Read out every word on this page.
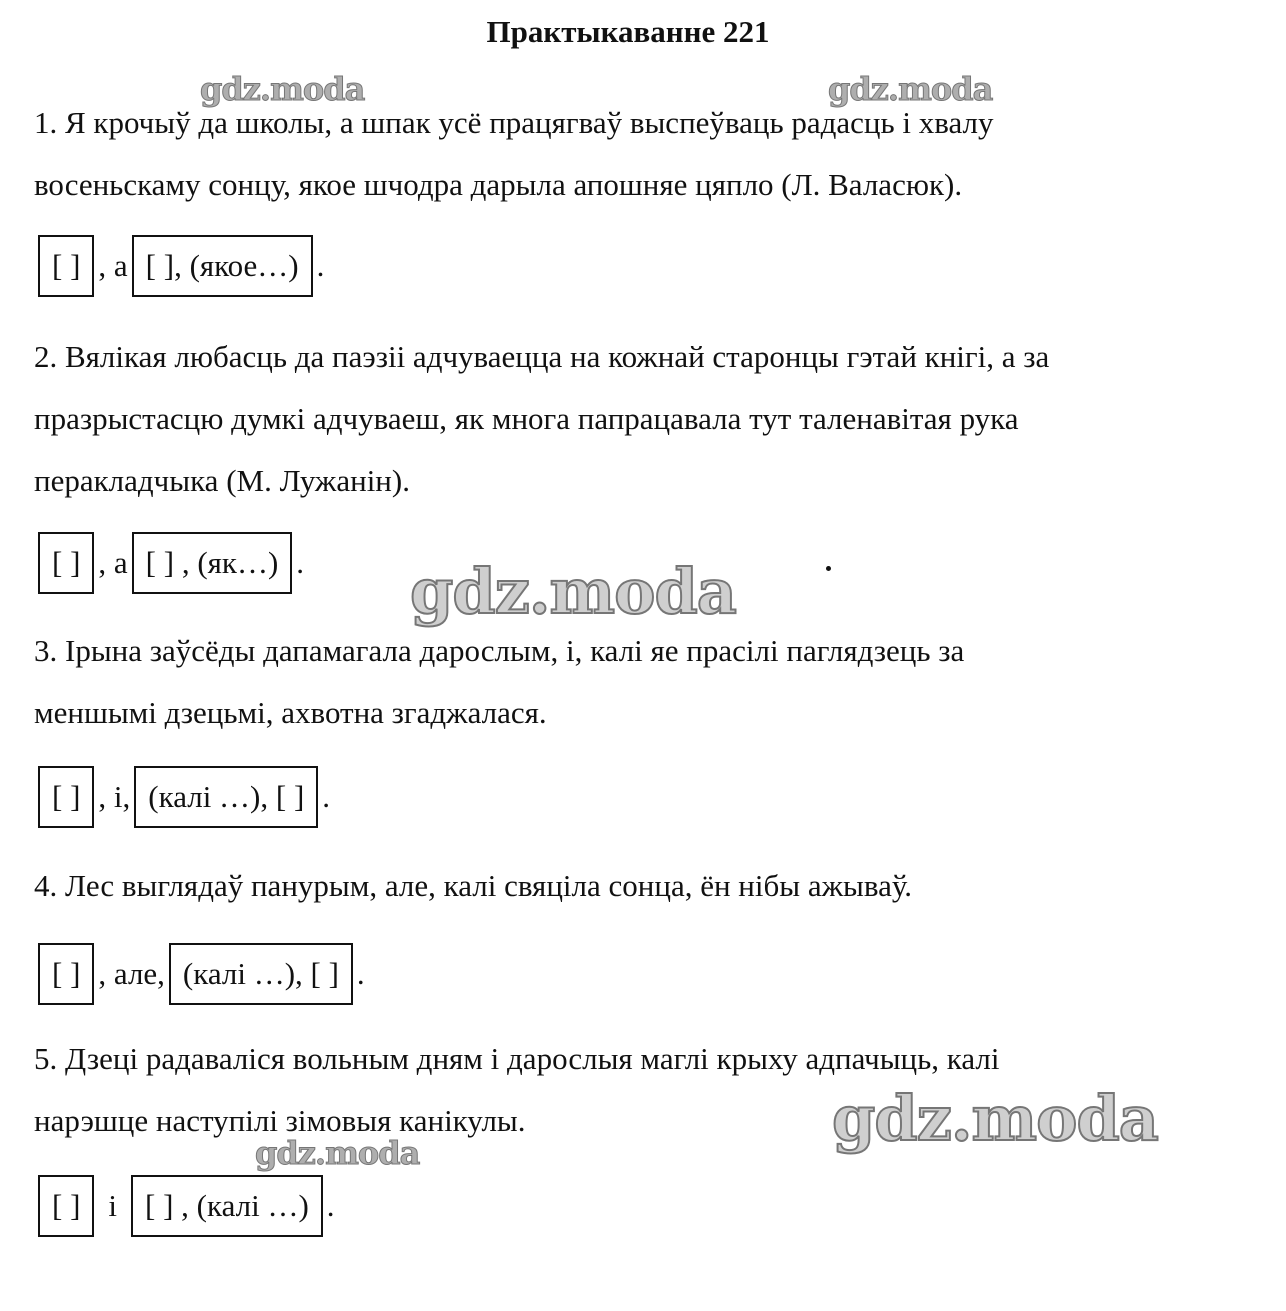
Практыкаванне 221
1. Я крочыў да школы, а шпак усё працягваў выспеўваць радасць і хвалу
восеньскаму сонцу, якое шчодра дарыла апошняе цяпло (Л. Валасюк).
[ ] , а [ ], (якое…) .
2. Вялікая любасць да паэзіі адчуваецца на кожнай старонцы гэтай кнігі, а за
празрыстасцю думкі адчуваеш, як многа папрацавала тут таленавітая рука
перакладчыка (М. Лужанін).
[ ] , а [ ] , (як…) .
3. Ірына заўсёды дапамагала дарослым, і, калі яе прасілі паглядзець за
меншымі дзецьмі, ахвотна згаджалася.
[ ] , і, (калі …), [ ] .
4. Лес выглядаў панурым, але, калі свяціла сонца, ён нібы ажываў.
[ ] , але, (калі …), [ ] .
5. Дзеці радаваліся вольным дням і дарослыя маглі крыху адпачыць, калі
нарэшце наступілі зімовыя канікулы.
[ ] і [ ] , (калі …) .
gdz.moda	gdz.moda
gdz.moda
gdz.moda
gdz.moda
